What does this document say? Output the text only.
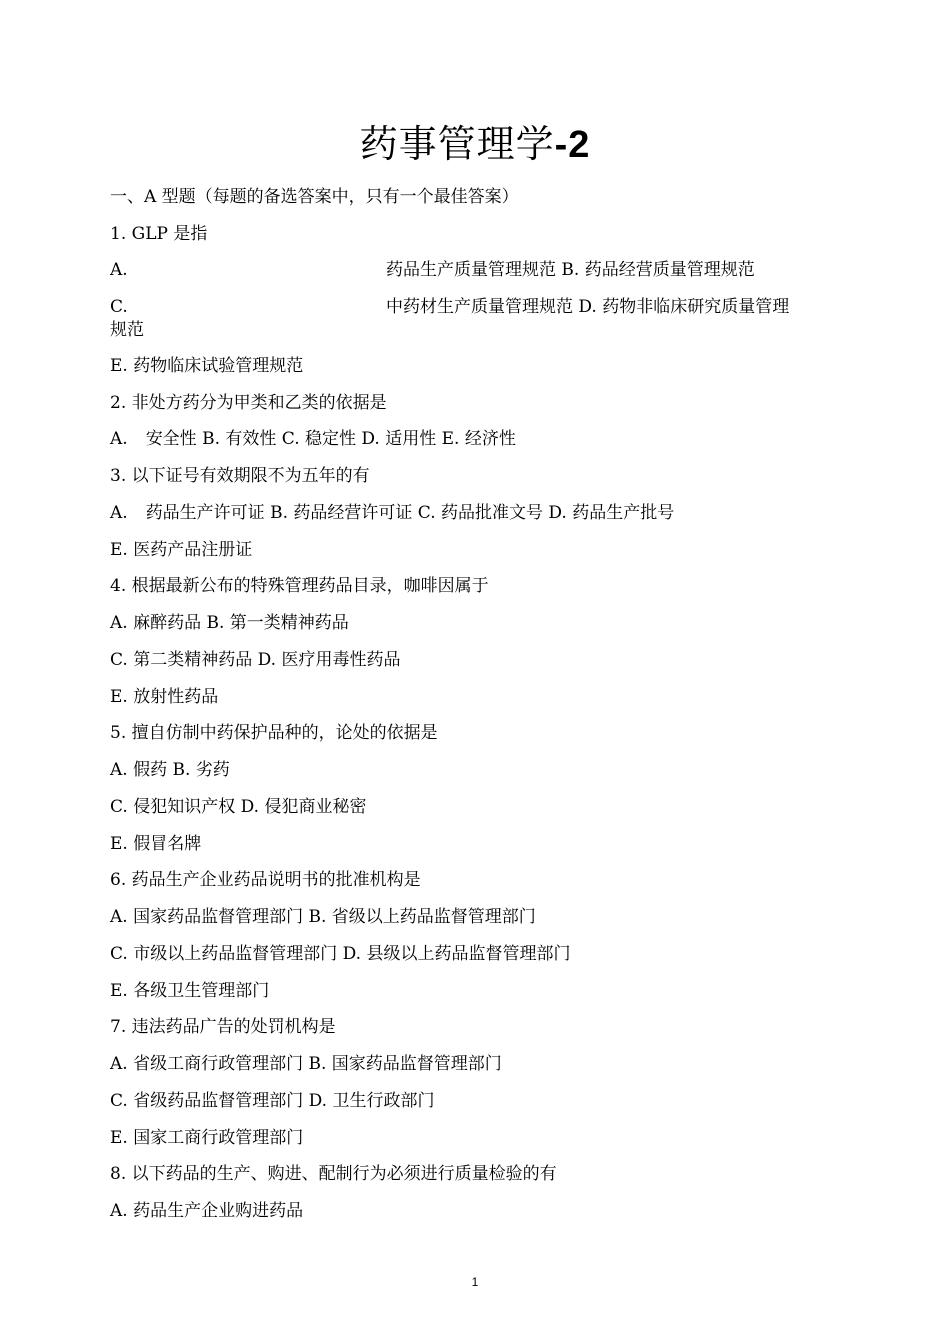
药事管理学-2
一、A 型题（每题的备选答案中，只有一个最佳答案）
1. GLP 是指
A.	药品生产质量管理规范 B. 药品经营质量管理规范
C.	中药材生产质量管理规范 D. 药物非临床研究质量管理
规范
E. 药物临床试验管理规范
2. 非处方药分为甲类和乙类的依据是
A. 安全性 B. 有效性 C. 稳定性 D. 适用性 E. 经济性
3. 以下证号有效期限不为五年的有
A. 药品生产许可证 B. 药品经营许可证 C. 药品批准文号 D. 药品生产批号
E. 医药产品注册证
4. 根据最新公布的特殊管理药品目录，咖啡因属于
A. 麻醉药品 B. 第一类精神药品
C. 第二类精神药品 D. 医疗用毒性药品
E. 放射性药品
5. 擅自仿制中药保护品种的，论处的依据是
A. 假药 B. 劣药
C. 侵犯知识产权 D. 侵犯商业秘密
E. 假冒名牌
6. 药品生产企业药品说明书的批准机构是
A. 国家药品监督管理部门 B. 省级以上药品监督管理部门
C. 市级以上药品监督管理部门 D. 县级以上药品监督管理部门
E. 各级卫生管理部门
7. 违法药品广告的处罚机构是
A. 省级工商行政管理部门 B. 国家药品监督管理部门
C. 省级药品监督管理部门 D. 卫生行政部门
E. 国家工商行政管理部门
8. 以下药品的生产、购进、配制行为必须进行质量检验的有
A. 药品生产企业购进药品
1
